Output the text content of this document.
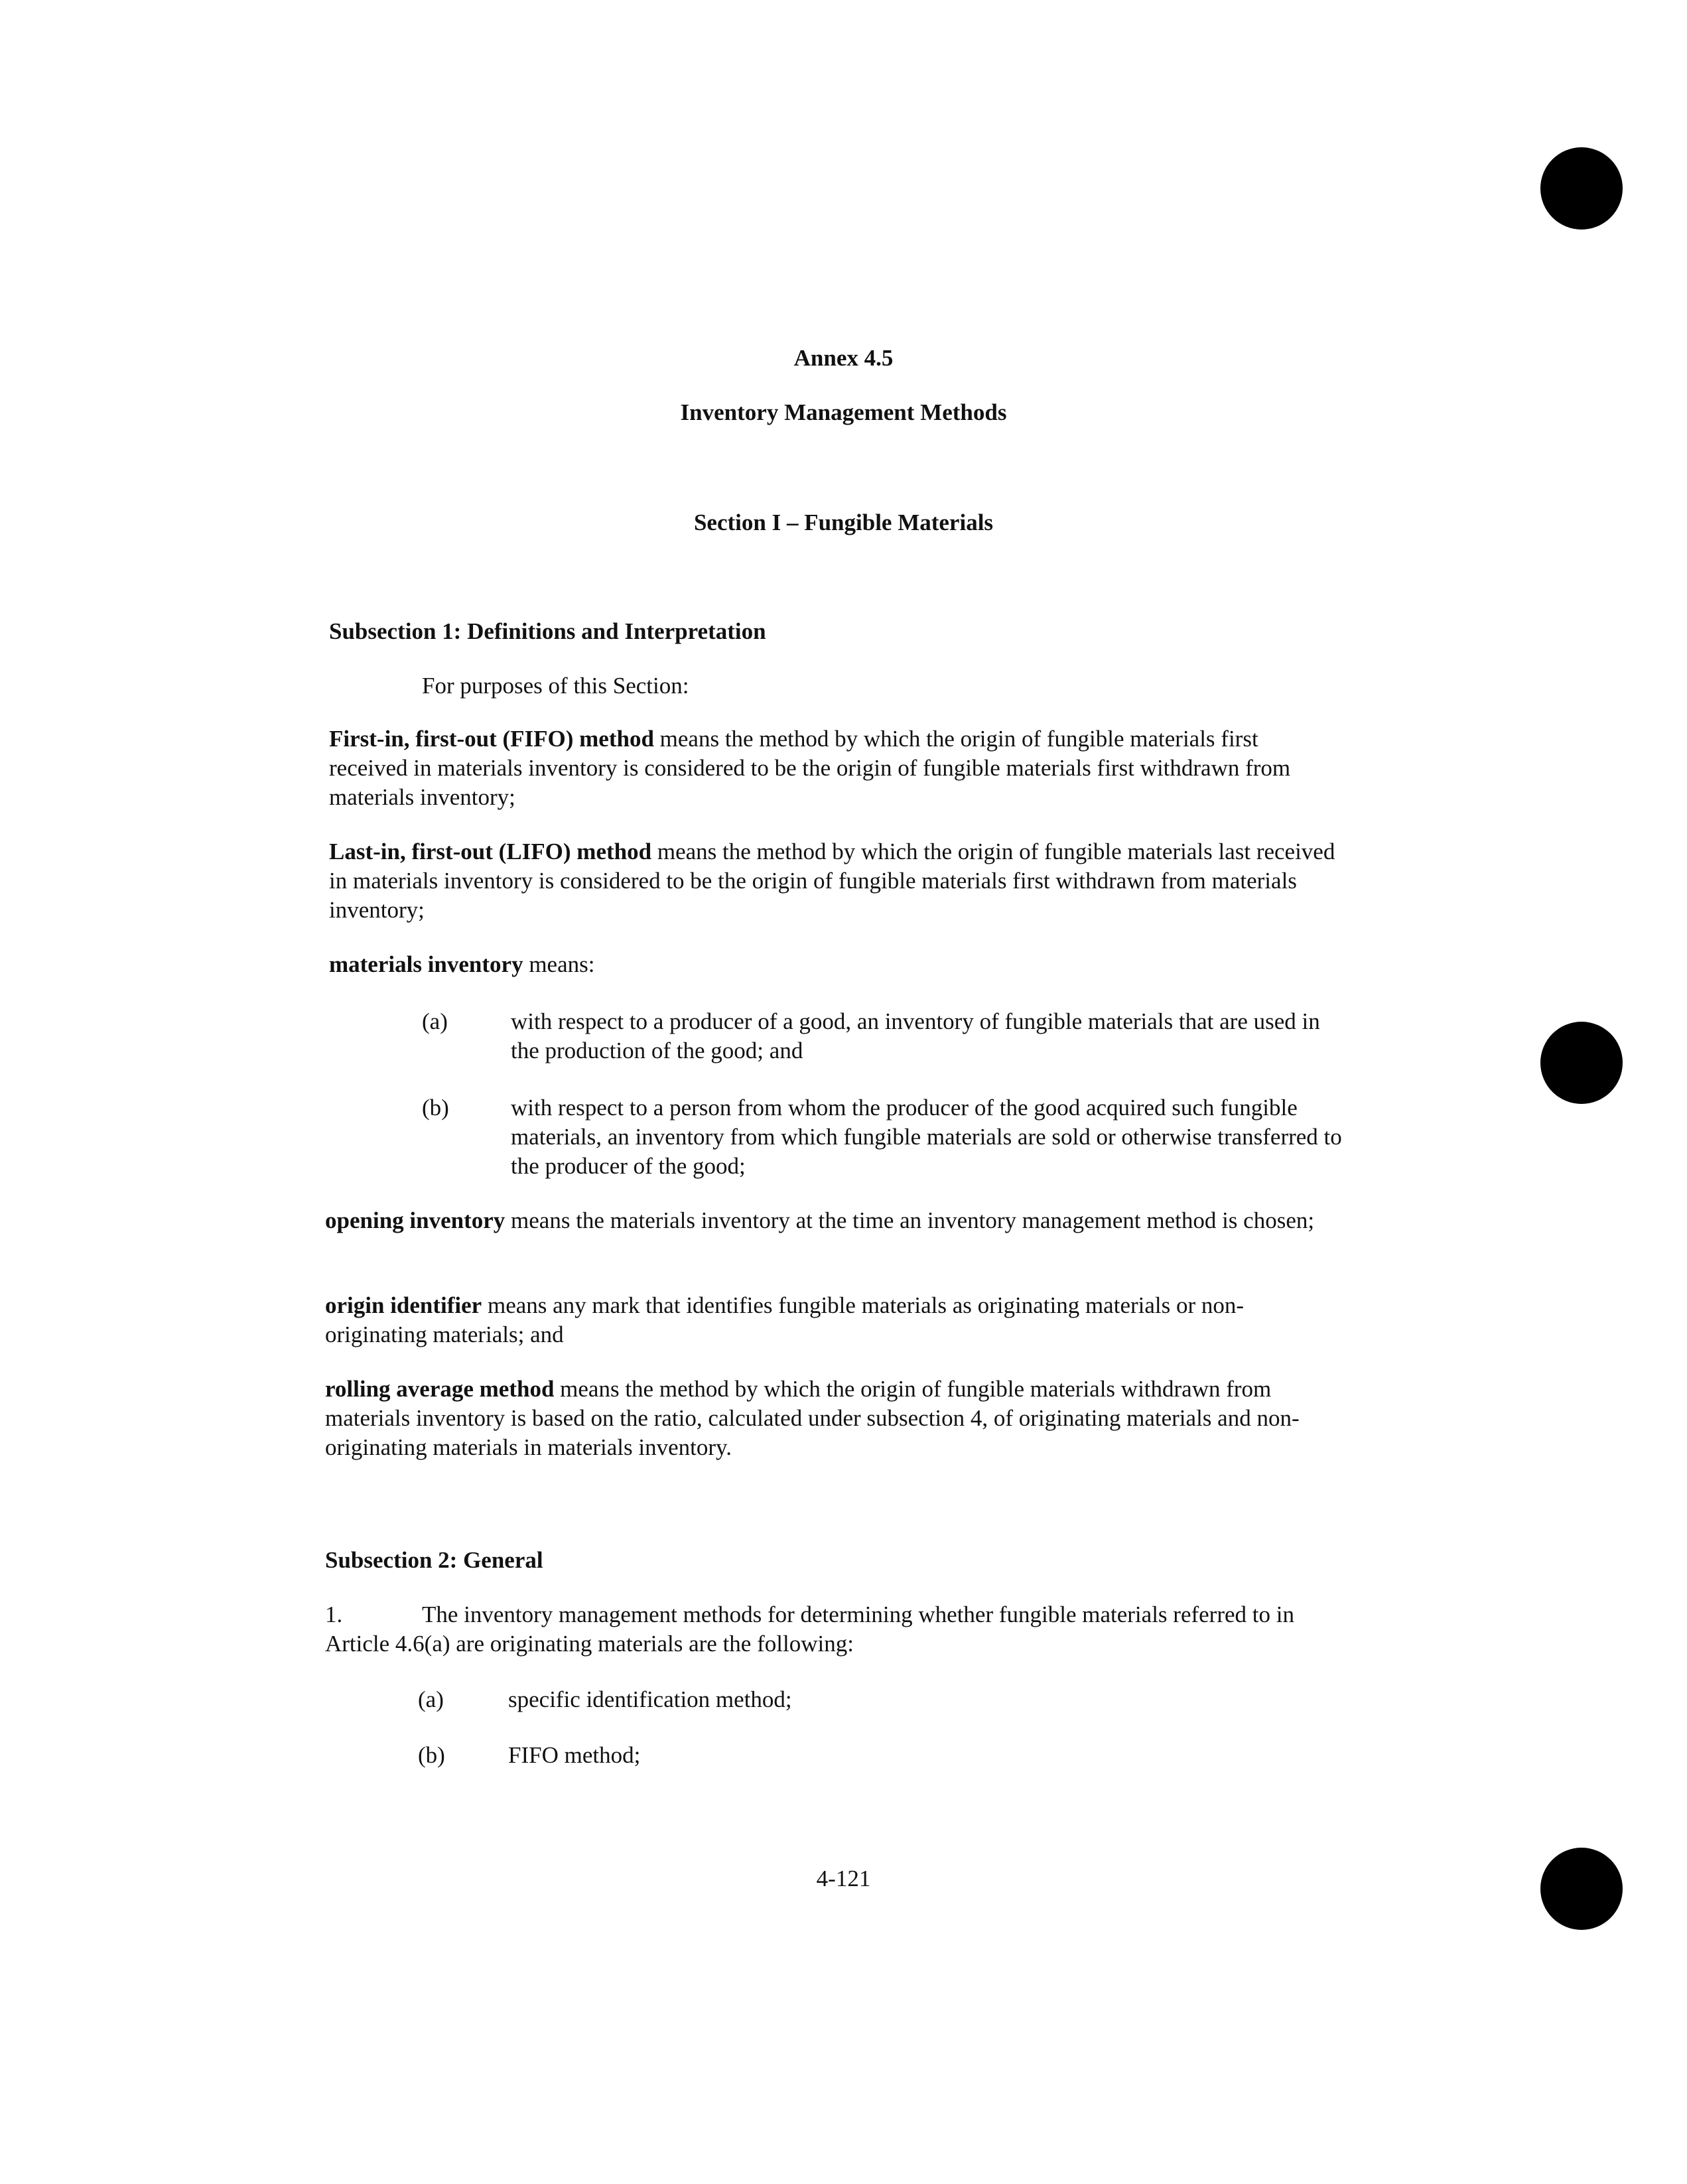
Annex 4.5
Inventory Management Methods
Section I – Fungible Materials
Subsection 1: Definitions and Interpretation
For purposes of this Section:

First-in, first-out (FIFO) method means the method by which the origin of fungible materials first received in materials inventory is considered to be the origin of fungible materials first withdrawn from materials inventory;

Last-in, first-out (LIFO) method means the method by which the origin of fungible materials last received in materials inventory is considered to be the origin of fungible materials first withdrawn from materials inventory;

materials inventory means:

(a)	with respect to a producer of a good, an inventory of fungible materials that are used in the production of the good; and
(b)	with respect to a person from whom the producer of the good acquired such fungible materials, an inventory from which fungible materials are sold or otherwise transferred to the producer of the good;

opening inventory means the materials inventory at the time an inventory management method is chosen;

origin identifier means any mark that identifies fungible materials as originating materials or non-originating materials; and

rolling average method means the method by which the origin of fungible materials withdrawn from materials inventory is based on the ratio, calculated under subsection 4, of originating materials and non-originating materials in materials inventory.

Subsection 2: General
1.	The inventory management methods for determining whether fungible materials referred to in Article 4.6(a) are originating materials are the following:

(a)	specific identification method;
(b)	FIFO method;
4-121
